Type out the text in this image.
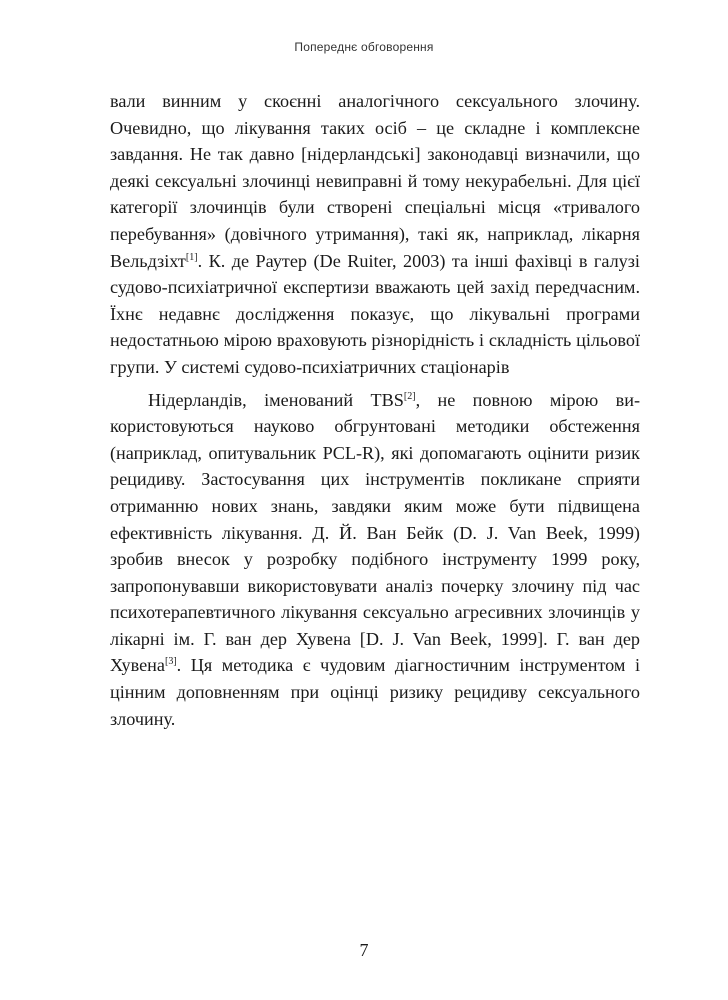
Попереднє обговорення

вали винним у скоєнні аналогічного сексуального злочину. Очевидно, що лікування таких осіб – це складне і комплексне завдання. Не так давно [нідерландські] законодавці визначили, що деякі сексуальні злочинці невиправні й тому некурабельні. Для цієї категорії злочинців були створені спеціальні місця «тривалого перебування» (довічного утримання), такі як, наприклад, лікарня Вельдзіхт[1]. К. де Раутер (De Ruiter, 2003) та інші фахівці в галузі судово-психіатричної експертизи вважають цей захід передчасним. Їхнє недавнє дослідження показує, що лікувальні програми недостатньою мірою враховують різнорідність і складність цільової групи. У системі судово-психіатричних стаціонарів

Нідерландів, іменований TBS[2], не повною мірою використовуються науково обгрунтовані методики обстеження (наприклад, опитувальник PCL-R), які допомагають оцінити ризик рецидиву. Застосування цих інструментів покликане сприяти отриманню нових знань, завдяки яким може бути підвищена ефективність лікування. Д. Й. Ван Бейк (D. J. Van Beek, 1999) зробив внесок у розробку подібного інструменту 1999 року, запропонувавши використовувати аналіз почерку злочину під час психотерапевтичного лікування сексуально агресивних злочинців у лікарні ім. Г. ван дер Хувена [D. J. Van Beek, 1999]. Г. ван дер Хувена[3]. Ця методика є чудовим діагностичним інструментом і цінним доповненням при оцінці ризику рецидиву сексуального злочину.

7
